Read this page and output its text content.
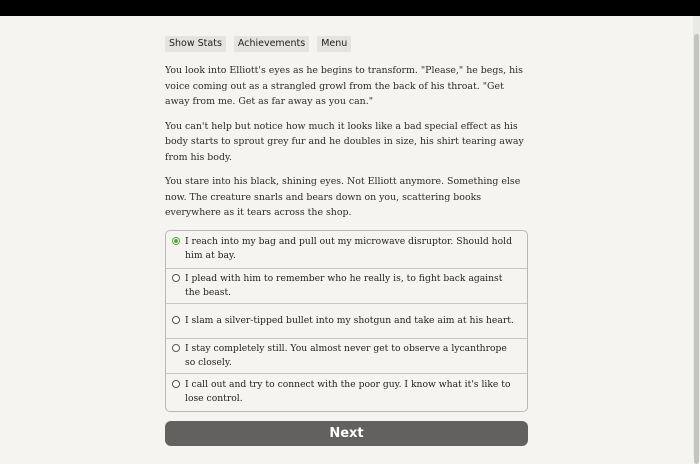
Show Stats	Achievements	Menu

You look into Elliott's eyes as he begins to transform. "Please," he begs, his voice coming out as a strangled growl from the back of his throat. "Get away from me. Get as far away as you can."

You can't help but notice how much it looks like a bad special effect as his body starts to sprout grey fur and he doubles in size, his shirt tearing away from his body.

You stare into his black, shining eyes. Not Elliott anymore. Something else now. The creature snarls and bears down on you, scattering books everywhere as it tears across the shop.

I reach into my bag and pull out my microwave disruptor. Should hold him at bay.
I plead with him to remember who he really is, to fight back against the beast.
I slam a silver-tipped bullet into my shotgun and take aim at his heart.
I stay completely still. You almost never get to observe a lycanthrope so closely.
I call out and try to connect with the poor guy. I know what it's like to lose control.
Next
